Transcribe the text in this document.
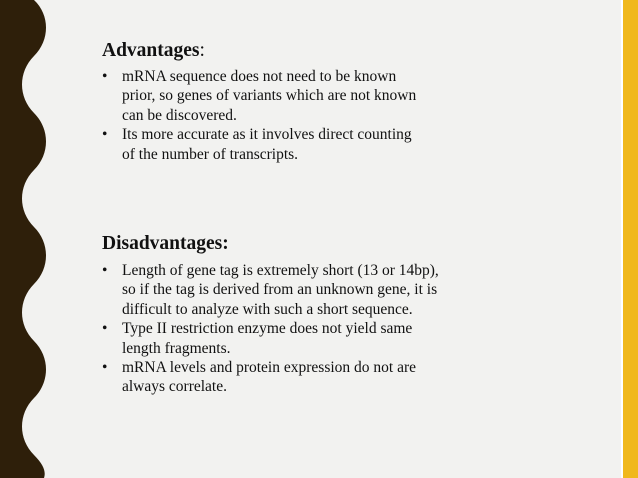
Advantages:
• mRNA sequence does not need to be known
prior, so genes of variants which are not known
can be discovered.
• Its more accurate as it involves direct counting
of the number of transcripts.
Disadvantages:
• Length of gene tag is extremely short (13 or 14bp),
so if the tag is derived from an unknown gene, it is
difficult to analyze with such a short sequence.
• Type II restriction enzyme does not yield same
length fragments.
• mRNA levels and protein expression do not are
always correlate.
